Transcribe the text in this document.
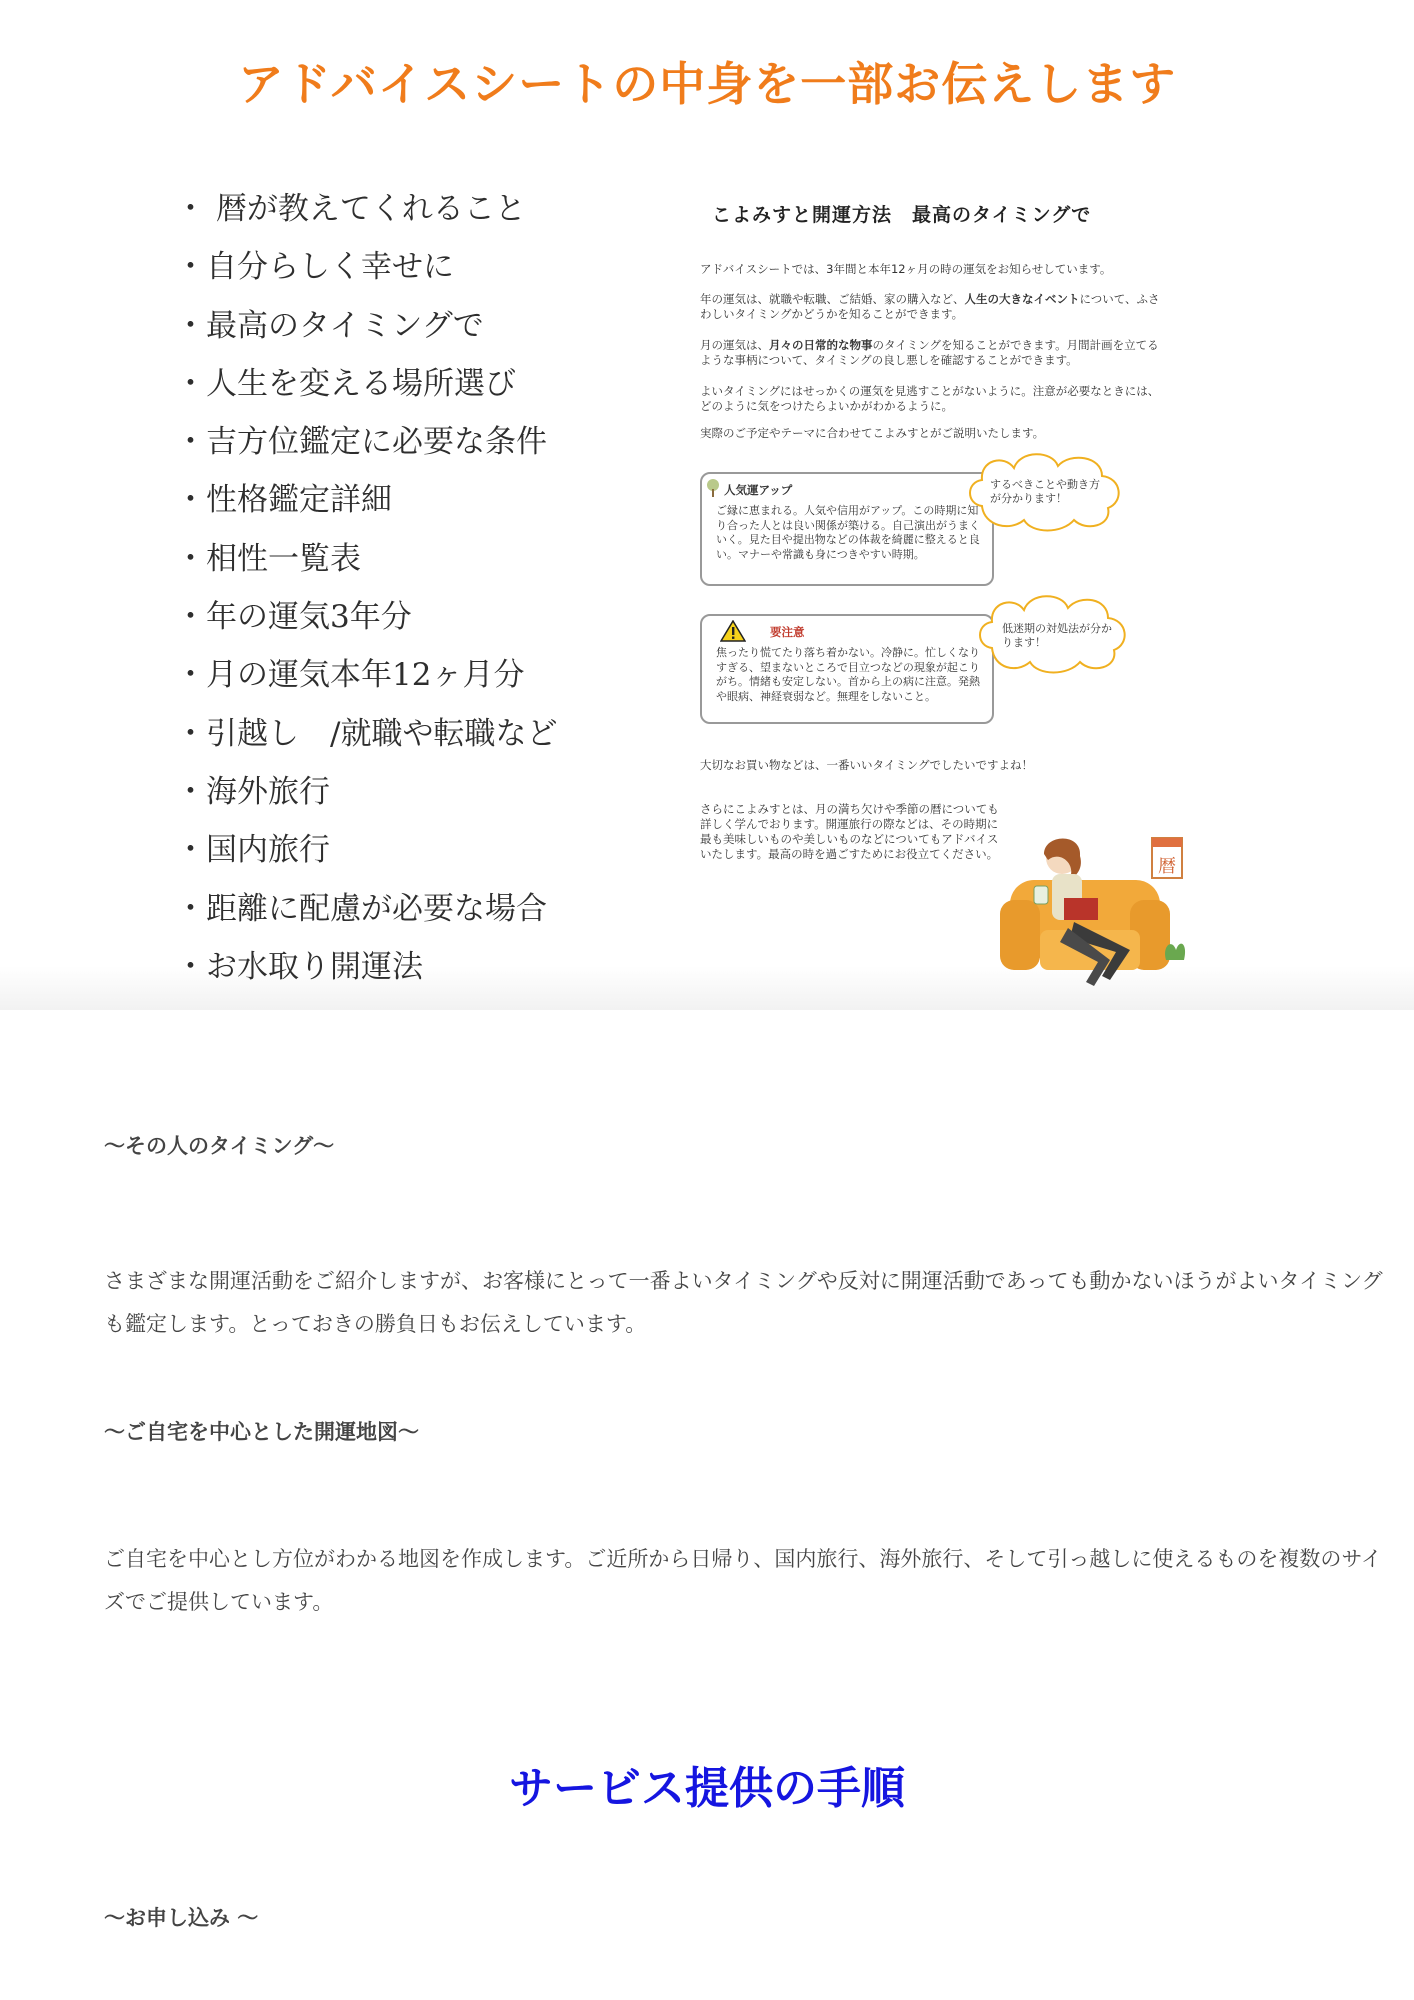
アドバイスシートの中身を一部お伝えします
・ 暦が教えてくれること
・自分らしく幸せに
・最高のタイミングで
・人生を変える場所選び
・吉方位鑑定に必要な条件
・性格鑑定詳細
・相性一覧表
・年の運気3年分
・月の運気本年12ヶ月分
・引越し　/就職や転職など
・海外旅行
・国内旅行
・距離に配慮が必要な場合
・お水取り開運法
こよみすと開運方法　最高のタイミングで

アドバイスシートでは、3年間と本年12ヶ月の時の運気をお知らせしています。

年の運気は、就職や転職、ご結婚、家の購入など、人生の大きなイベントについて、ふさわしいタイミングかどうかを知ることができます。

月の運気は、月々の日常的な物事のタイミングを知ることができます。月間計画を立てるような事柄について、タイミングの良し悪しを確認することができます。

よいタイミングにはせっかくの運気を見逃すことがないように。注意が必要なときには、どのように気をつけたらよいかがわかるように。

実際のご予定やテーマに合わせてこよみすとがご説明いたします。

人気運アップ
ご縁に恵まれる。人気や信用がアップ。この時期に知り合った人とは良い関係が築ける。自己演出がうまくいく。見た目や提出物などの体裁を綺麗に整えると良い。マナーや常識も身につきやすい時期。
するべきことや動き方が分かります！
要注意
焦ったり慌てたり落ち着かない。冷静に。忙しくなりすぎる、望まないところで目立つなどの現象が起こりがち。情緒も安定しない。首から上の病に注意。発熱や眼病、神経衰弱など。無理をしないこと。
低迷期の対処法が分かります！

大切なお買い物などは、一番いいタイミングでしたいですよね！

さらにこよみすとは、月の満ち欠けや季節の暦についても詳しく学んでおります。開運旅行の際などは、その時期に最も美味しいものや美しいものなどについてもアドバイスいたします。最高の時を過ごすためにお役立てください。

暦
〜その人のタイミング〜

さまざまな開運活動をご紹介しますが、お客様にとって一番よいタイミングや反対に開運活動であっても動かないほうがよいタイミングも鑑定します。とっておきの勝負日もお伝えしています。

〜ご自宅を中心とした開運地図〜

ご自宅を中心とし方位がわかる地図を作成します。ご近所から日帰り、国内旅行、海外旅行、そして引っ越しに使えるものを複数のサイズでご提供しています。

サービス提供の手順
〜お申し込み 〜
